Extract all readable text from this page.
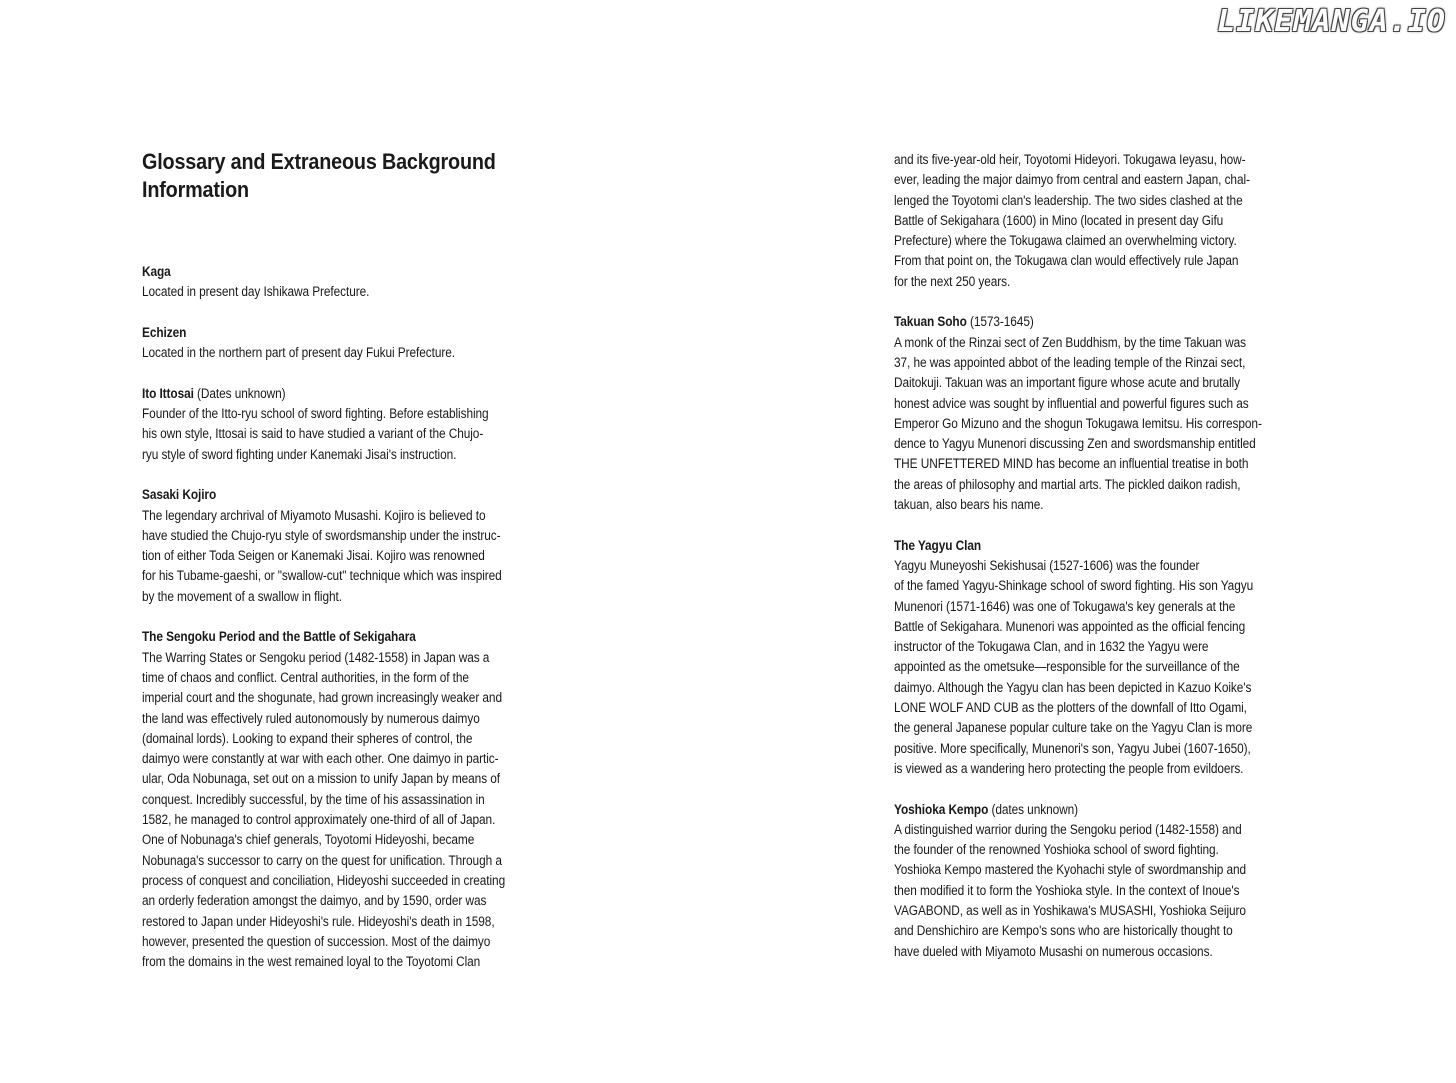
LIKEMANGA.IO
Glossary and Extraneous Background
Information
Kaga
Located in present day Ishikawa Prefecture.
Echizen
Located in the northern part of present day Fukui Prefecture.
Ito Ittosai (Dates unknown)
Founder of the Itto-ryu school of sword fighting. Before establishing
his own style, Ittosai is said to have studied a variant of the Chujo-
ryu style of sword fighting under Kanemaki Jisai's instruction.
Sasaki Kojiro
The legendary archrival of Miyamoto Musashi. Kojiro is believed to
have studied the Chujo-ryu style of swordsmanship under the instruc-
tion of either Toda Seigen or Kanemaki Jisai. Kojiro was renowned
for his Tubame-gaeshi, or "swallow-cut" technique which was inspired
by the movement of a swallow in flight.
The Sengoku Period and the Battle of Sekigahara
The Warring States or Sengoku period (1482-1558) in Japan was a
time of chaos and conflict. Central authorities, in the form of the
imperial court and the shogunate, had grown increasingly weaker and
the land was effectively ruled autonomously by numerous daimyo
(domainal lords). Looking to expand their spheres of control, the
daimyo were constantly at war with each other. One daimyo in partic-
ular, Oda Nobunaga, set out on a mission to unify Japan by means of
conquest. Incredibly successful, by the time of his assassination in
1582, he managed to control approximately one-third of all of Japan.
One of Nobunaga's chief generals, Toyotomi Hideyoshi, became
Nobunaga's successor to carry on the quest for unification. Through a
process of conquest and conciliation, Hideyoshi succeeded in creating
an orderly federation amongst the daimyo, and by 1590, order was
restored to Japan under Hideyoshi's rule. Hideyoshi's death in 1598,
however, presented the question of succession. Most of the daimyo
from the domains in the west remained loyal to the Toyotomi Clan
and its five-year-old heir, Toyotomi Hideyori. Tokugawa Ieyasu, how-
ever, leading the major daimyo from central and eastern Japan, chal-
lenged the Toyotomi clan's leadership. The two sides clashed at the
Battle of Sekigahara (1600) in Mino (located in present day Gifu
Prefecture) where the Tokugawa claimed an overwhelming victory.
From that point on, the Tokugawa clan would effectively rule Japan
for the next 250 years.
Takuan Soho (1573-1645)
A monk of the Rinzai sect of Zen Buddhism, by the time Takuan was
37, he was appointed abbot of the leading temple of the Rinzai sect,
Daitokuji. Takuan was an important figure whose acute and brutally
honest advice was sought by influential and powerful figures such as
Emperor Go Mizuno and the shogun Tokugawa Iemitsu. His correspon-
dence to Yagyu Munenori discussing Zen and swordsmanship entitled
THE UNFETTERED MIND has become an influential treatise in both
the areas of philosophy and martial arts. The pickled daikon radish,
takuan, also bears his name.
The Yagyu Clan
Yagyu Muneyoshi Sekishusai (1527-1606) was the founder
of the famed Yagyu-Shinkage school of sword fighting. His son Yagyu
Munenori (1571-1646) was one of Tokugawa's key generals at the
Battle of Sekigahara. Munenori was appointed as the official fencing
instructor of the Tokugawa Clan, and in 1632 the Yagyu were
appointed as the ometsuke—responsible for the surveillance of the
daimyo. Although the Yagyu clan has been depicted in Kazuo Koike's
LONE WOLF AND CUB as the plotters of the downfall of Itto Ogami,
the general Japanese popular culture take on the Yagyu Clan is more
positive. More specifically, Munenori's son, Yagyu Jubei (1607-1650),
is viewed as a wandering hero protecting the people from evildoers.
Yoshioka Kempo (dates unknown)
A distinguished warrior during the Sengoku period (1482-1558) and
the founder of the renowned Yoshioka school of sword fighting.
Yoshioka Kempo mastered the Kyohachi style of swordmanship and
then modified it to form the Yoshioka style. In the context of Inoue's
VAGABOND, as well as in Yoshikawa's MUSASHI, Yoshioka Seijuro
and Denshichiro are Kempo's sons who are historically thought to
have dueled with Miyamoto Musashi on numerous occasions.
